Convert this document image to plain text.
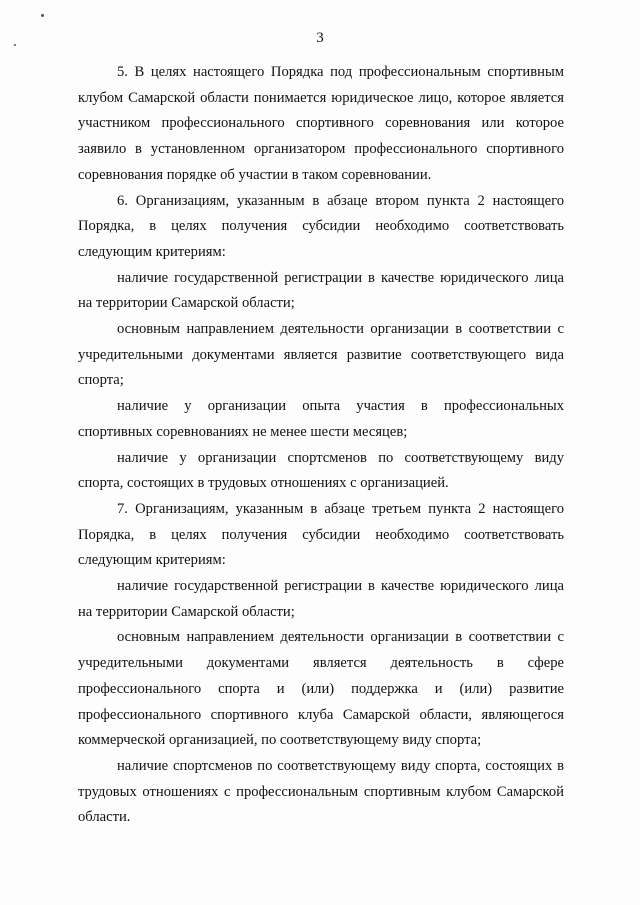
3

5. В целях настоящего Порядка под профессиональным спортивным клубом Самарской области понимается юридическое лицо, которое является участником профессионального спортивного соревнования или которое заявило в установленном организатором профессионального спортивного соревнования порядке об участии в таком соревновании.

6. Организациям, указанным в абзаце втором пункта 2 настоящего Порядка, в целях получения субсидии необходимо соответствовать следующим критериям:

наличие государственной регистрации в качестве юридического лица на территории Самарской области;

основным направлением деятельности организации в соответствии с учредительными документами является развитие соответствующего вида спорта;

наличие у организации опыта участия в профессиональных спортивных соревнованиях не менее шести месяцев;

наличие у организации спортсменов по соответствующему виду спорта, состоящих в трудовых отношениях с организацией.

7. Организациям, указанным в абзаце третьем пункта 2 настоящего Порядка, в целях получения субсидии необходимо соответствовать следующим критериям:

наличие государственной регистрации в качестве юридического лица на территории Самарской области;

основным направлением деятельности организации в соответствии с учредительными документами является деятельность в сфере профессионального спорта и (или) поддержка и (или) развитие профессионального спортивного клуба Самарской области, являющегося коммерческой организацией, по соответствующему виду спорта;

наличие спортсменов по соответствующему виду спорта, состоящих в трудовых отношениях с профессиональным спортивным клубом Самарской области.
